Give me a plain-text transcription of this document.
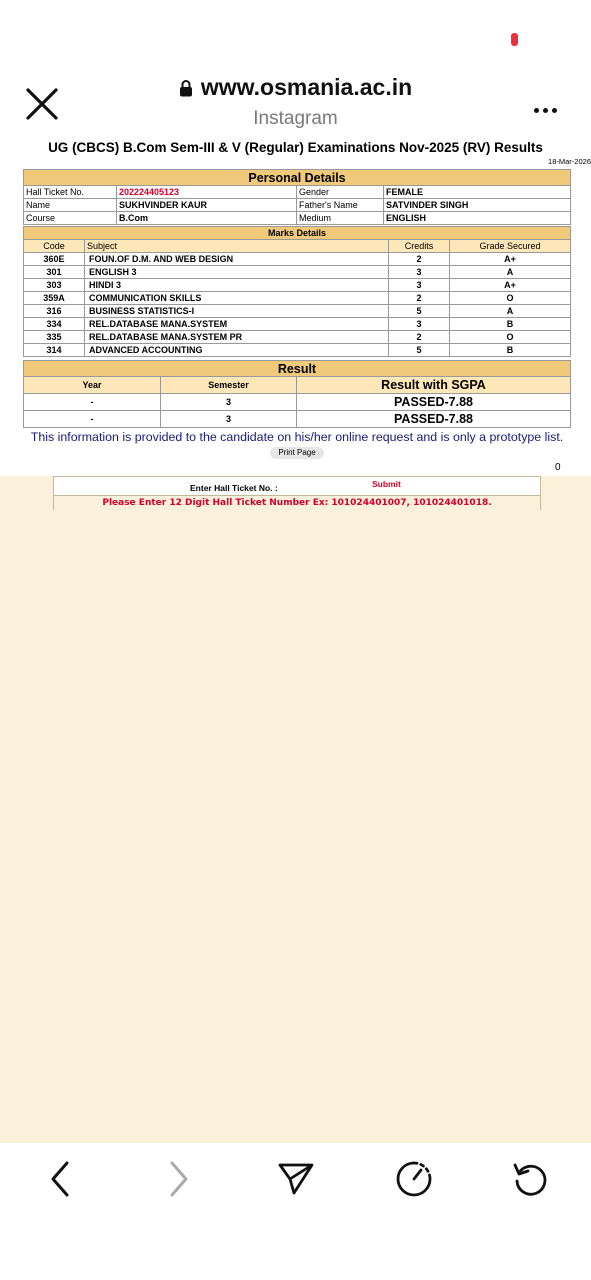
www.osmania.ac.in
Instagram
UG (CBCS) B.Com Sem-III & V (Regular) Examinations Nov-2025 (RV) Results
18-Mar-2026
Personal Details			
Hall Ticket No.	202224405123	Gender	FEMALE
Name	SUKHVINDER KAUR	Father's Name	SATVINDER SINGH
Course	B.Com	Medium	ENGLISH
Marks Details			
Code	Subject	Credits	Grade Secured
360E	FOUN.OF D.M. AND WEB DESIGN	2	A+
301	ENGLISH 3	3	A
303	HINDI 3	3	A+
359A	COMMUNICATION SKILLS	2	O
316	BUSINESS STATISTICS-I	5	A
334	REL.DATABASE MANA.SYSTEM	3	B
335	REL.DATABASE MANA.SYSTEM PR	2	O
314	ADVANCED ACCOUNTING	5	B
Result		
Year	Semester	Result with SGPA
-	3	PASSED-7.88
-	3	PASSED-7.88
This information is provided to the candidate on his/her online request and is only a prototype list.
Print Page
0
Enter Hall Ticket No. :	Submit
Please Enter 12 Digit Hall Ticket Number Ex: 101024401007, 101024401018.
